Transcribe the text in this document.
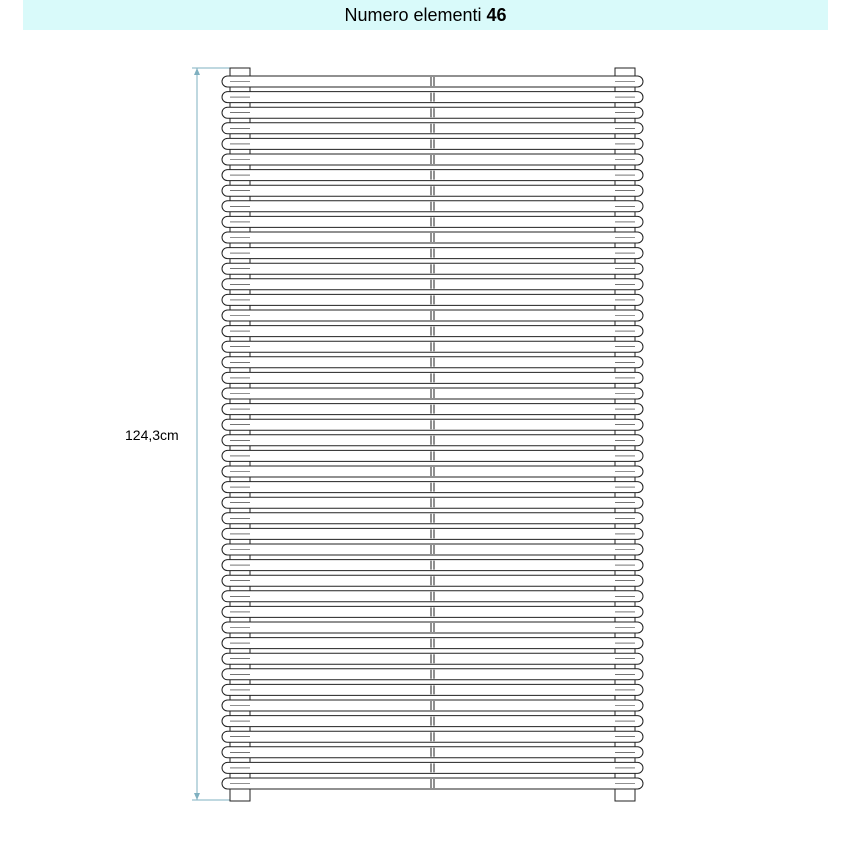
Numero elementi 46
124,3cm
